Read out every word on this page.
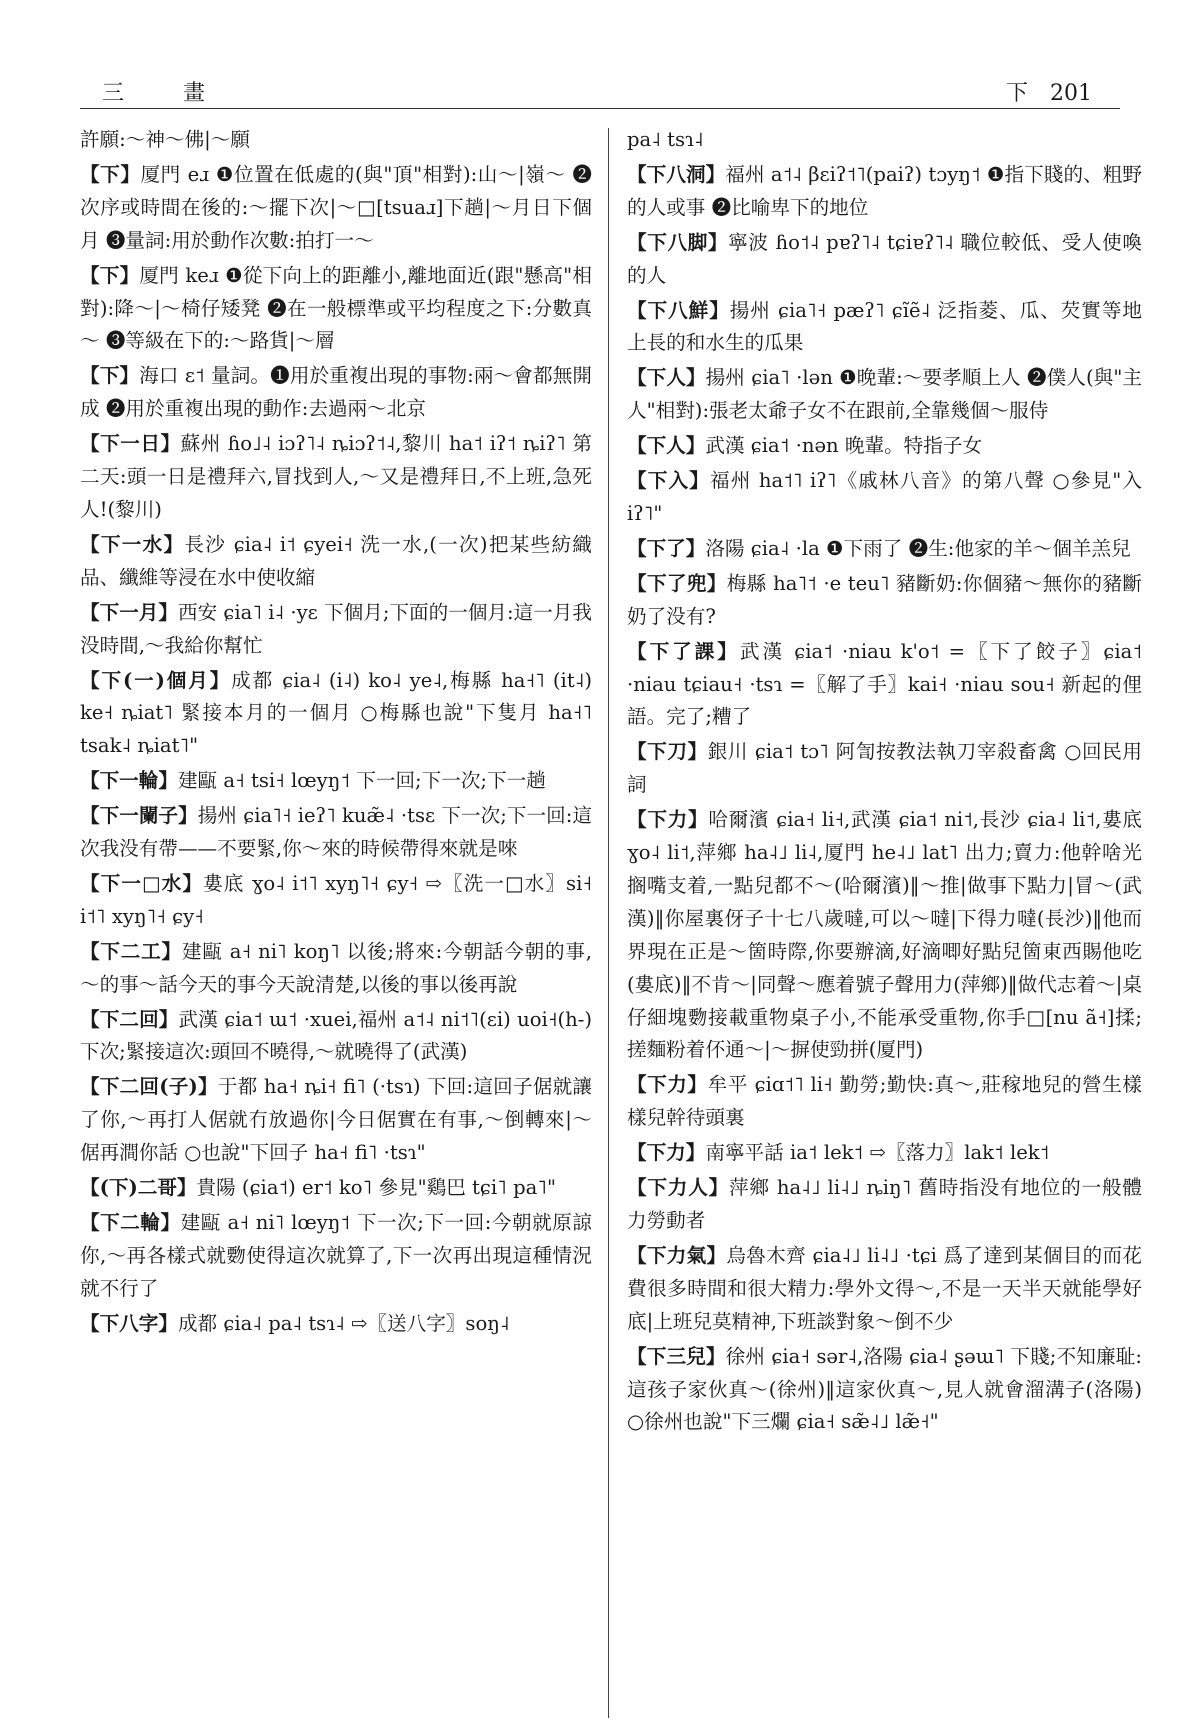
三 畫	下 201

許願:～神～佛|～願

【下】厦門 eɹ ❶位置在低處的(與"頂"相對):山～|嶺～ ❷次序或時間在後的:～擺下次|～□[tsuaɹ]下趟|～月日下個月 ❸量詞:用於動作次數:拍打一～

【下】厦門 keɹ ❶從下向上的距離小,離地面近(跟"懸高"相對):降～|～椅仔矮凳 ❷在一般標準或平均程度之下:分數真～ ❸等級在下的:～路貨|～層

【下】海口 ɛ˦ 量詞。❶用於重複出現的事物:兩～會都無開成 ❷用於重複出現的動作:去過兩～北京

【下一日】蘇州 ɦo˩˨ iɔʔ˥˨ ȵiɔʔ˦˨,黎川 ha˦ iʔ˦ ȵiʔ˥ 第二天:頭一日是禮拜六,冒找到人,～又是禮拜日,不上班,急死人!(黎川)

【下一水】長沙 ɕia˨ i˦ ɕyei˧ 洗一水,(一次)把某些紡織品、纖維等浸在水中使收縮

【下一月】西安 ɕia˥ i˨ ·yɛ 下個月;下面的一個月:這一月我没時間,～我給你幫忙

【下(一)個月】成都 ɕia˨ (i˨) ko˨ ye˨,梅縣 ha˧˥ (it˨) ke˧ ȵiat˥ 緊接本月的一個月 ○梅縣也說"下隻月 ha˧˥ tsak˨ ȵiat˥"

【下一輪】建甌 a˧ tsi˧ lœyŋ˦ 下一回;下一次;下一趟

【下一闌子】揚州 ɕia˥˧ ieʔ˥ kuæ̃˨ ·tsɛ 下一次;下一回:這次我没有帶——不要緊,你～來的時候帶得來就是唻

【下一□水】婁底 ɣo˨ i˦˥ xyŋ˥˧ ɕy˧ ⇨〖洗一□水〗si˧ i˦˥ xyŋ˥˧ ɕy˧

【下二工】建甌 a˧ ni˥ koŋ˥ 以後;將來:今朝話今朝的事,～的事～話今天的事今天說清楚,以後的事以後再說

【下二回】武漢 ɕia˦ ɯ˦ ·xuei,福州 a˦˨ ni˦˥(ɛi) uoi˧(h-) 下次;緊接這次:頭回不曉得,～就曉得了(武漢)

【下二回(子)】于都 ha˧ ȵi˧ fi˥ (·tsɿ) 下回:這回子倨就讓了你,～再打人倨就冇放過你|今日倨實在有事,～倒轉來|～倨再澗你話 ○也說"下回子 ha˧ fi˥ ·tsɿ"

【(下)二哥】貴陽 (ɕia˦) er˦ ko˥ 參見"鷄巴 tɕi˥ pa˥"

【下二輪】建甌 a˧ ni˥ lœyŋ˦ 下一次;下一回:今朝就原諒你,～再各樣式就覅使得這次就算了,下一次再出現這種情況就不行了

【下八字】成都 ɕia˨ pa˨ tsɿ˨ ⇨〖送八字〗soŋ˨

pa˨ tsɿ˨

【下八洞】福州 a˦˨ βɛiʔ˦˥(paiʔ) tɔyŋ˦ ❶指下賤的、粗野的人或事 ❷比喻卑下的地位

【下八脚】寧波 ɦo˦˨ pɐʔ˥˨ tɕiɐʔ˥˨ 職位較低、受人使喚的人

【下八鮮】揚州 ɕia˥˧ pæʔ˥ ɕĩẽ˨ 泛指菱、瓜、芡實等地上長的和水生的瓜果

【下人】揚州 ɕia˥ ·lən ❶晚輩:～要孝順上人 ❷僕人(與"主人"相對):張老太爺子女不在跟前,全靠幾個～服侍

【下人】武漢 ɕia˦ ·nən 晚輩。特指子女

【下入】福州 ha˦˥ iʔ˥《戚林八音》的第八聲 ○參見"入 iʔ˥"

【下了】洛陽 ɕia˨ ·la ❶下雨了 ❷生:他家的羊～個羊羔兒

【下了兜】梅縣 ha˥˦ ·e teu˥ 豬斷奶:你個豬～無你的豬斷奶了没有?

【下了課】武漢 ɕia˦ ·niau k'o˦ =〖下了餃子〗ɕia˦ ·niau tɕiau˧ ·tsɿ =〖解了手〗kai˧ ·niau sou˧ 新起的俚語。完了;糟了

【下刀】銀川 ɕia˦ tɔ˥ 阿訇按教法執刀宰殺畜禽 ○回民用詞

【下力】哈爾濱 ɕia˧ li˧,武漢 ɕia˦ ni˦,長沙 ɕia˨ li˦,婁底 ɣo˨ li˦,萍鄉 ha˨˩ li˨,厦門 he˨˩ lat˥ 出力;賣力:他幹啥光搁嘴支着,一點兒都不～(哈爾濱)‖～推|做事下點力|冒～(武漢)‖你屋裏伢子十七八歲噠,可以～噠|下得力噠(長沙)‖他而界現在正是～箇時際,你要辦滴,好滴唧好點兒箇東西賜他吃(婁底)‖不肯～|同聲～應着號子聲用力(萍鄉)‖做代志着～|桌仔細塊覅接載重物桌子小,不能承受重物,你手□[nu ã˧]揉;搓麵粉着伓通～|～摒使勁拼(厦門)

【下力】牟平 ɕiɑ˦˥ li˧ 勤勞;勤快:真～,莊稼地兒的營生樣樣兒幹待頭裏

【下力】南寧平話 ia˦ lek˦ ⇨〖落力〗lak˦ lek˦

【下力人】萍鄉 ha˨˩ li˨˩ ȵiŋ˥ 舊時指没有地位的一般體力勞動者

【下力氣】烏魯木齊 ɕia˨˩ li˨˩ ·tɕi 爲了達到某個目的而花費很多時間和很大精力:學外文得～,不是一天半天就能學好底|上班兒莫精神,下班談對象～倒不少

【下三兒】徐州 ɕia˧ sər˨,洛陽 ɕia˨ ʂəɯ˥ 下賤;不知廉耻:這孩子家伙真～(徐州)‖這家伙真～,見人就會溜溝子(洛陽) ○徐州也說"下三爛 ɕia˧ sæ̃˨˩ læ̃˧"
